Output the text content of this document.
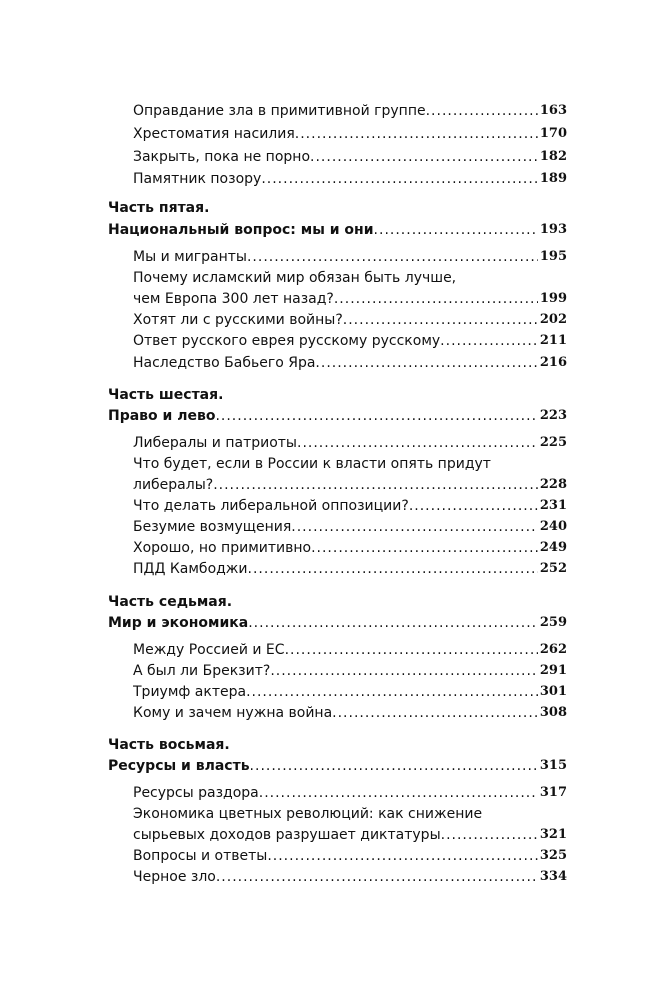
Оправдание зла в примитивной группе .....	163
Хрестоматия насилия .....	170
Закрыть, пока не порно .....	182
Памятник позору .....	189
Часть пятая.
Национальный вопрос: мы и они .....	193
Мы и мигранты .....	195
Почему исламский мир обязан быть лучше,
чем Европа 300 лет назад? .....	199
Хотят ли с русскими войны? .....	202
Ответ русского еврея русскому русскому .....	211
Наследство Бабьего Яра .....	216
Часть шестая.
Право и лево .....	223
Либералы и патриоты .....	225
Что будет, если в России к власти опять придут
либералы? .....	228
Что делать либеральной оппозиции? .....	231
Безумие возмущения .....	240
Хорошо, но примитивно .....	249
ПДД Камбоджи .....	252
Часть седьмая.
Мир и экономика .....	259
Между Россией и ЕС .....	262
А был ли Брекзит? .....	291
Триумф актера .....	301
Кому и зачем нужна война .....	308
Часть восьмая.
Ресурсы и власть .....	315
Ресурсы раздора .....	317
Экономика цветных революций: как снижение
сырьевых доходов разрушает диктатуры .....	321
Вопросы и ответы .....	325
Черное зло .....	334
